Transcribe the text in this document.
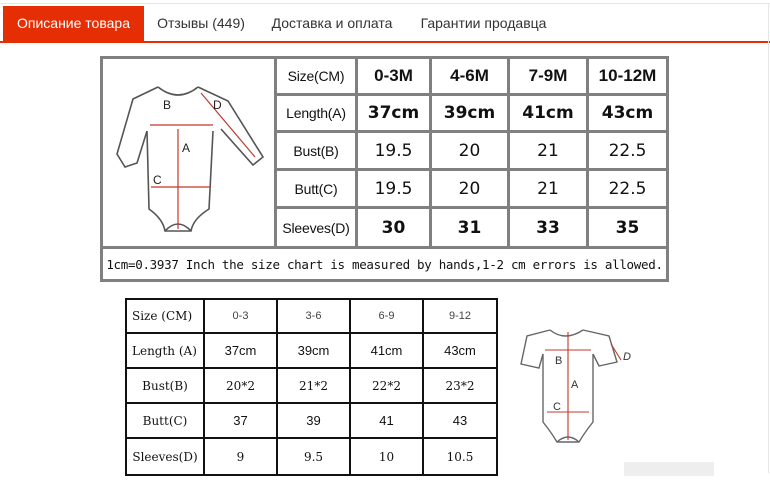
Описание товара	Отзывы (449)	Доставка и оплата	Гарантии продавца
B
A
C
D
Size(CM)	0-3M	4-6M	7-9M	10-12M
Length(A)	37cm	39cm	41cm	43cm
Bust(B)	19.5	20	21	22.5
Butt(C)	19.5	20	21	22.5
Sleeves(D)	30	31	33	35
1cm=0.3937 Inch the size chart is measured by hands,1-2 cm errors is allowed.
Size (CM)	0-3	3-6	6-9	9-12
Length (A)	37cm	39cm	41cm	43cm
Bust(B)	20*2	21*2	22*2	23*2
Butt(C)	37	39	41	43
Sleeves(D)	9	9.5	10	10.5
B
A
C
D
